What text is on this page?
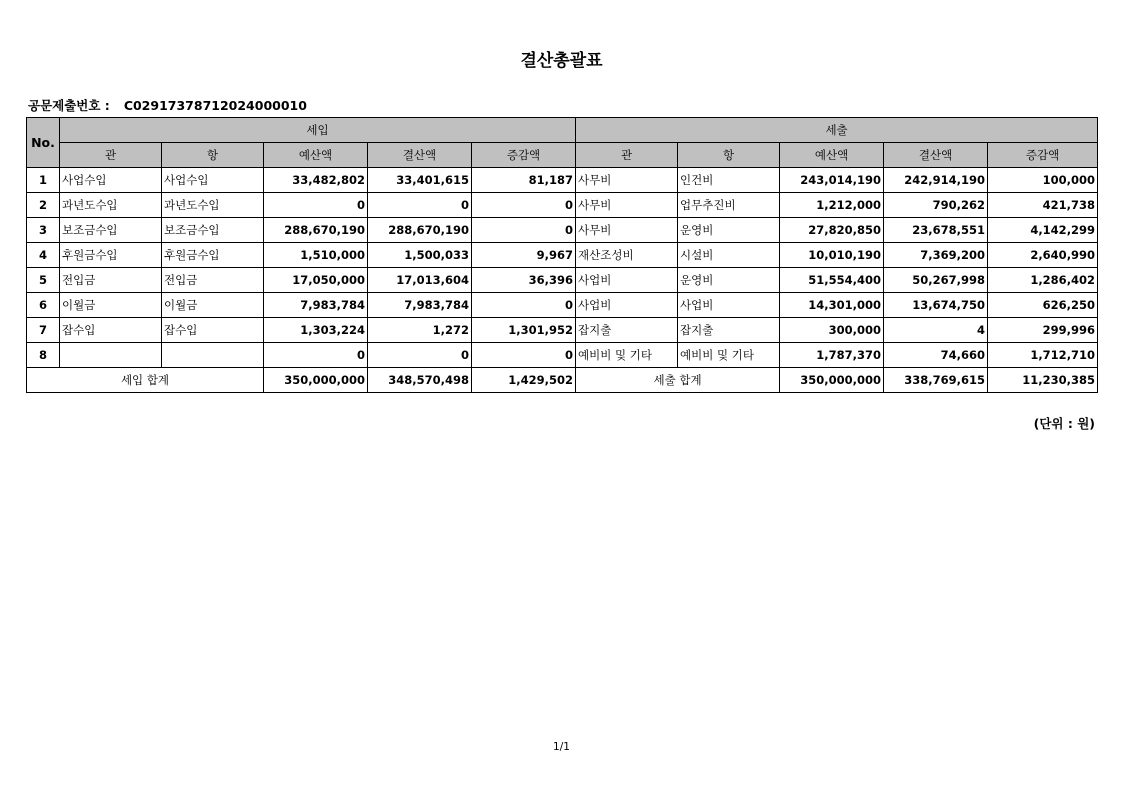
결산총괄표
공문제출번호 : C02917378712024000010
No.	세입					세출				
	관	항	예산액	결산액	증감액	관	항	예산액	결산액	증감액
1	사업수입	사업수입	33,482,802	33,401,615	81,187	사무비	인건비	243,014,190	242,914,190	100,000
2	과년도수입	과년도수입	0	0	0	사무비	업무추진비	1,212,000	790,262	421,738
3	보조금수입	보조금수입	288,670,190	288,670,190	0	사무비	운영비	27,820,850	23,678,551	4,142,299
4	후원금수입	후원금수입	1,510,000	1,500,033	9,967	재산조성비	시설비	10,010,190	7,369,200	2,640,990
5	전입금	전입금	17,050,000	17,013,604	36,396	사업비	운영비	51,554,400	50,267,998	1,286,402
6	이월금	이월금	7,983,784	7,983,784	0	사업비	사업비	14,301,000	13,674,750	626,250
7	잡수입	잡수입	1,303,224	1,272	1,301,952	잡지출	잡지출	300,000	4	299,996
8			0	0	0	예비비 및 기타	예비비 및 기타	1,787,370	74,660	1,712,710
세입 합계			350,000,000	348,570,498	1,429,502	세출 합계		350,000,000	338,769,615	11,230,385
(단위 : 원)
1/1
